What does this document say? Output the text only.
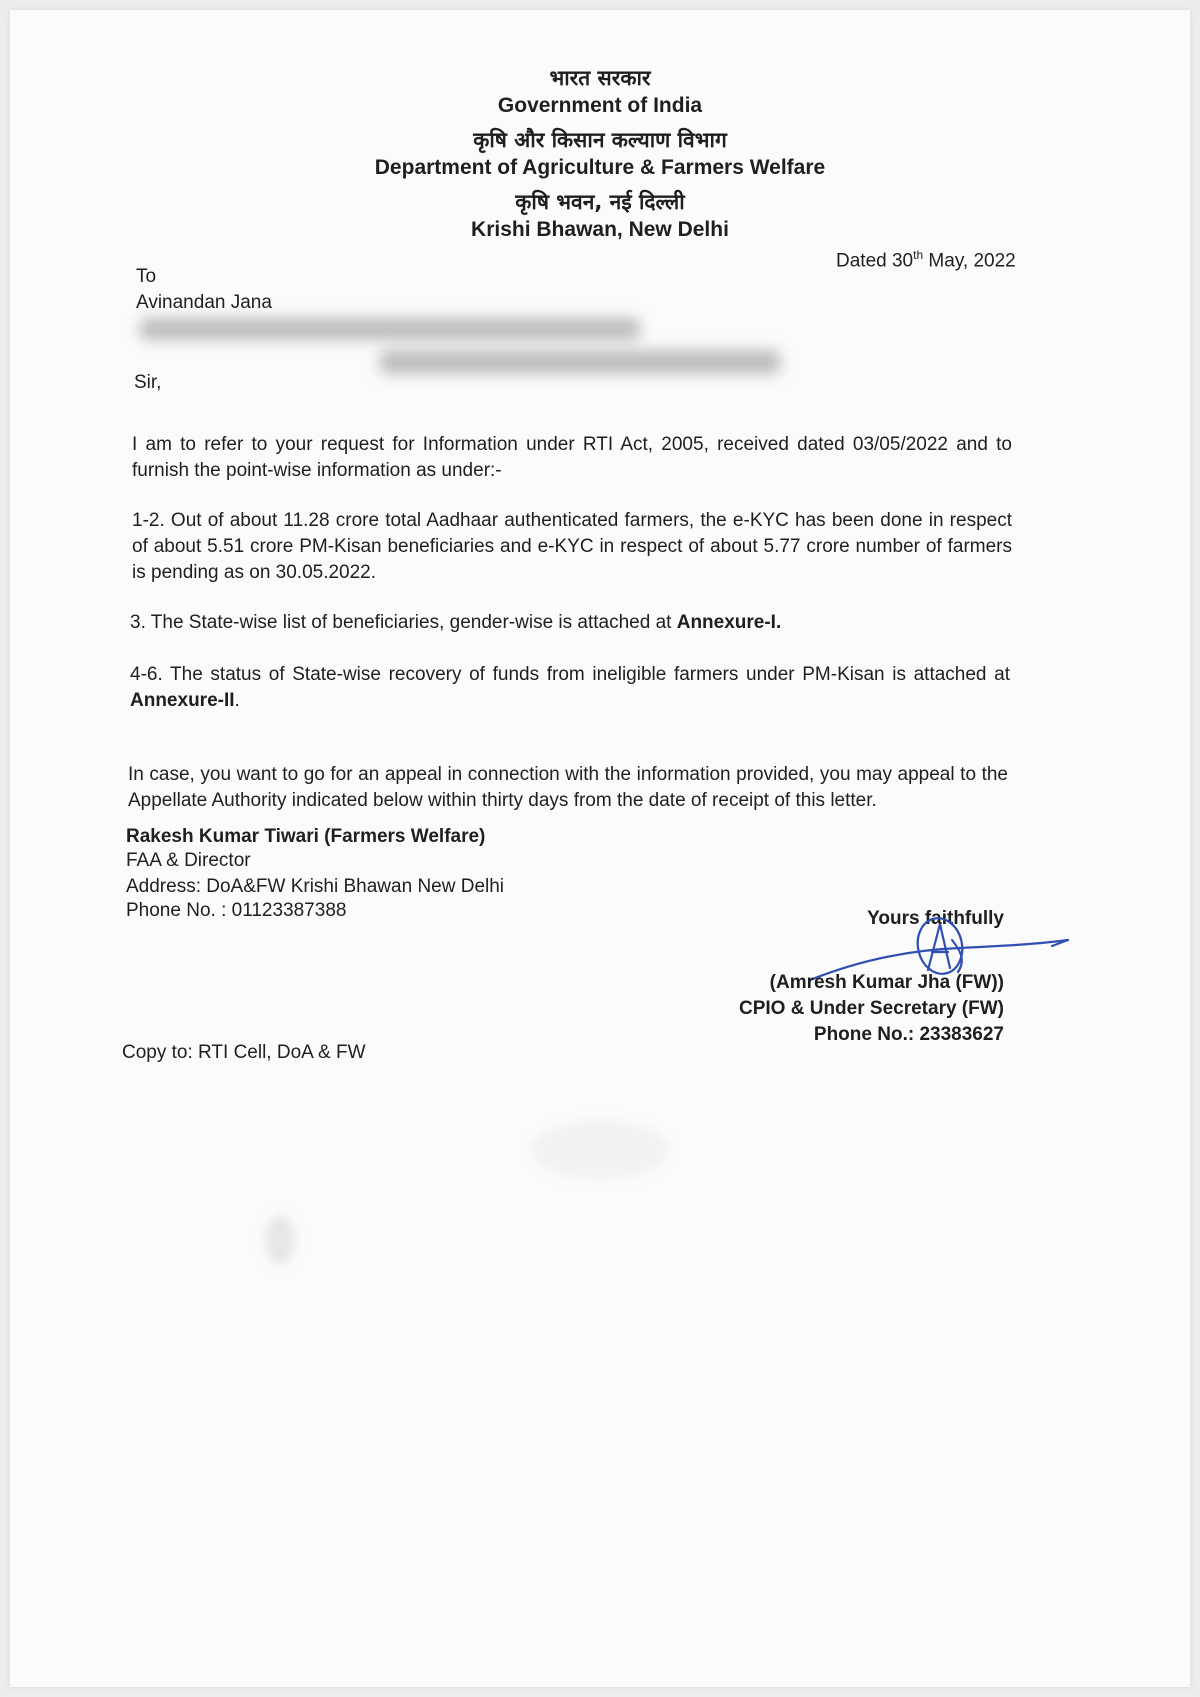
भारत सरकार
Government of India
कृषि और किसान कल्याण विभाग
Department of Agriculture & Farmers Welfare
कृषि भवन, नई दिल्ली
Krishi Bhawan, New Delhi
Dated 30th May, 2022
To
Avinandan Jana
Sir,
I am to refer to your request for Information under RTI Act, 2005, received dated 03/05/2022 and to furnish the point-wise information as under:-
1-2. Out of about 11.28 crore total Aadhaar authenticated farmers, the e-KYC has been done in respect of about 5.51 crore PM-Kisan beneficiaries and e-KYC in respect of about 5.77 crore number of farmers is pending as on 30.05.2022.
3. The State-wise list of beneficiaries, gender-wise is attached at Annexure-I.
4-6. The status of State-wise recovery of funds from ineligible farmers under PM-Kisan is attached at Annexure-II.
In case, you want to go for an appeal in connection with the information provided, you may appeal to the Appellate Authority indicated below within thirty days from the date of receipt of this letter.
Rakesh Kumar Tiwari (Farmers Welfare)
FAA & Director
Address: DoA&FW Krishi Bhawan New Delhi
Phone No. : 01123387388	Yours faithfully
(Amresh Kumar Jha (FW))
CPIO & Under Secretary (FW)
Phone No.: 23383627
Copy to: RTI Cell, DoA & FW
